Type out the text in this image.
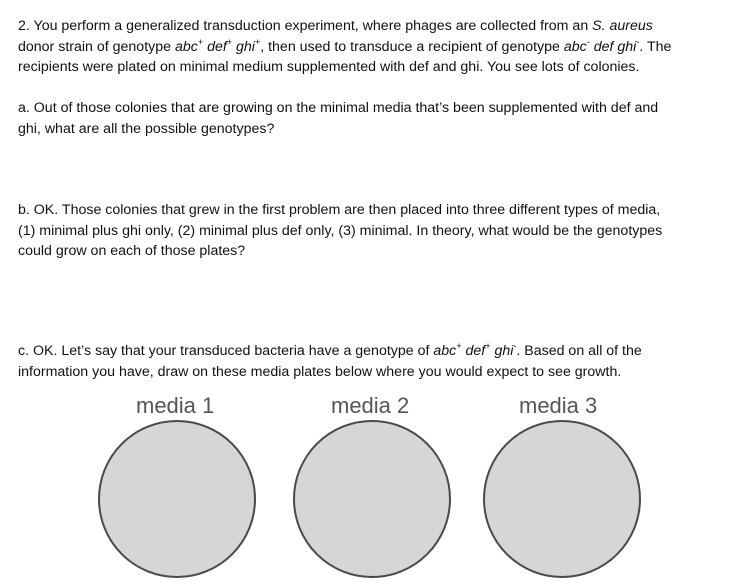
2. You perform a generalized transduction experiment, where phages are collected from an S. aureus
donor strain of genotype abc+ def+ ghi+, then used to transduce a recipient of genotype abc- def ghi-. The
recipients were plated on minimal medium supplemented with def and ghi. You see lots of colonies.
a. Out of those colonies that are growing on the minimal media that’s been supplemented with def and
ghi, what are all the possible genotypes?
b. OK. Those colonies that grew in the first problem are then placed into three different types of media,
(1) minimal plus ghi only, (2) minimal plus def only, (3) minimal. In theory, what would be the genotypes
could grow on each of those plates?
c. OK. Let’s say that your transduced bacteria have a genotype of abc+ def+ ghi-. Based on all of the
information you have, draw on these media plates below where you would expect to see growth.
media 1	media 2	media 3
